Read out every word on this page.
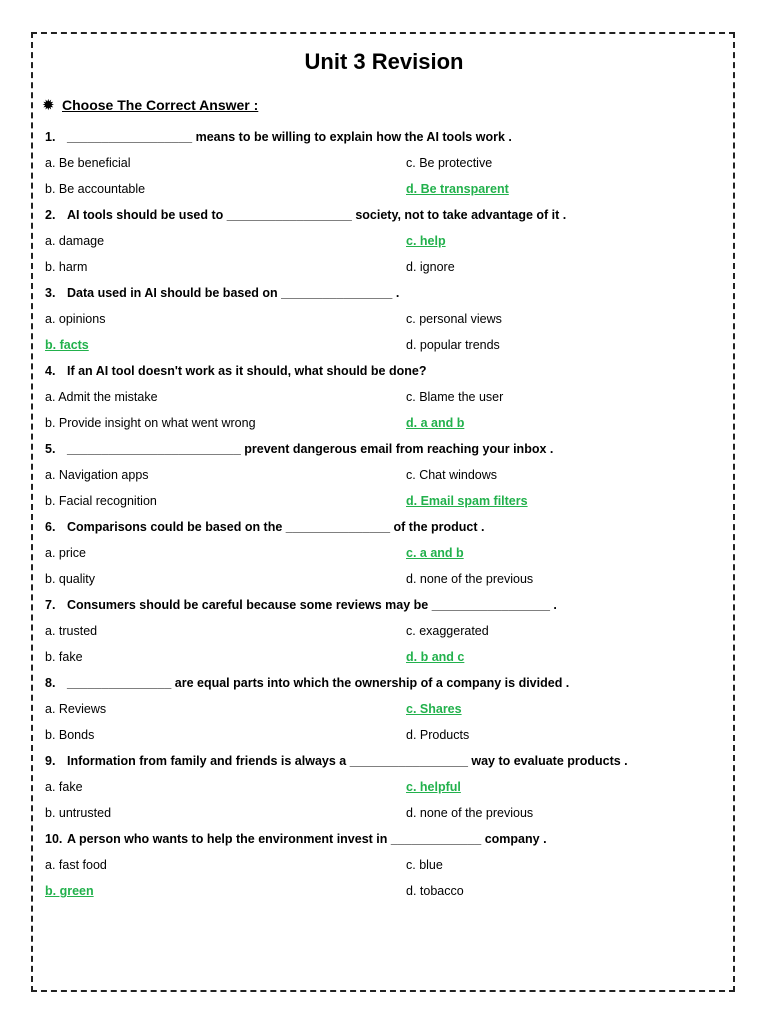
Unit 3 Revision
✹ Choose The Correct Answer :
1. __________________ means to be willing to explain how the AI tools work .
a. Be beneficial	c. Be protective
b. Be accountable	d. Be transparent
2. AI tools should be used to __________________ society, not to take advantage of it .
a. damage	c. help
b. harm	d. ignore
3. Data used in AI should be based on ________________ .
a. opinions	c. personal views
b. facts	d. popular trends
4. If an AI tool doesn't work as it should, what should be done?
a. Admit the mistake	c. Blame the user
b. Provide insight on what went wrong	d. a and b
5. _________________________ prevent dangerous email from reaching your inbox .
a. Navigation apps	c. Chat windows
b. Facial recognition	d. Email spam filters
6. Comparisons could be based on the _______________ of the product .
a. price	c. a and b
b. quality	d. none of the previous
7. Consumers should be careful because some reviews may be _________________ .
a. trusted	c. exaggerated
b. fake	d. b and c
8. _______________ are equal parts into which the ownership of a company is divided .
a. Reviews	c. Shares
b. Bonds	d. Products
9. Information from family and friends is always a _________________ way to evaluate products .
a. fake	c. helpful
b. untrusted	d. none of the previous
10. A person who wants to help the environment invest in _____________ company .
a. fast food	c. blue
b. green	d. tobacco
